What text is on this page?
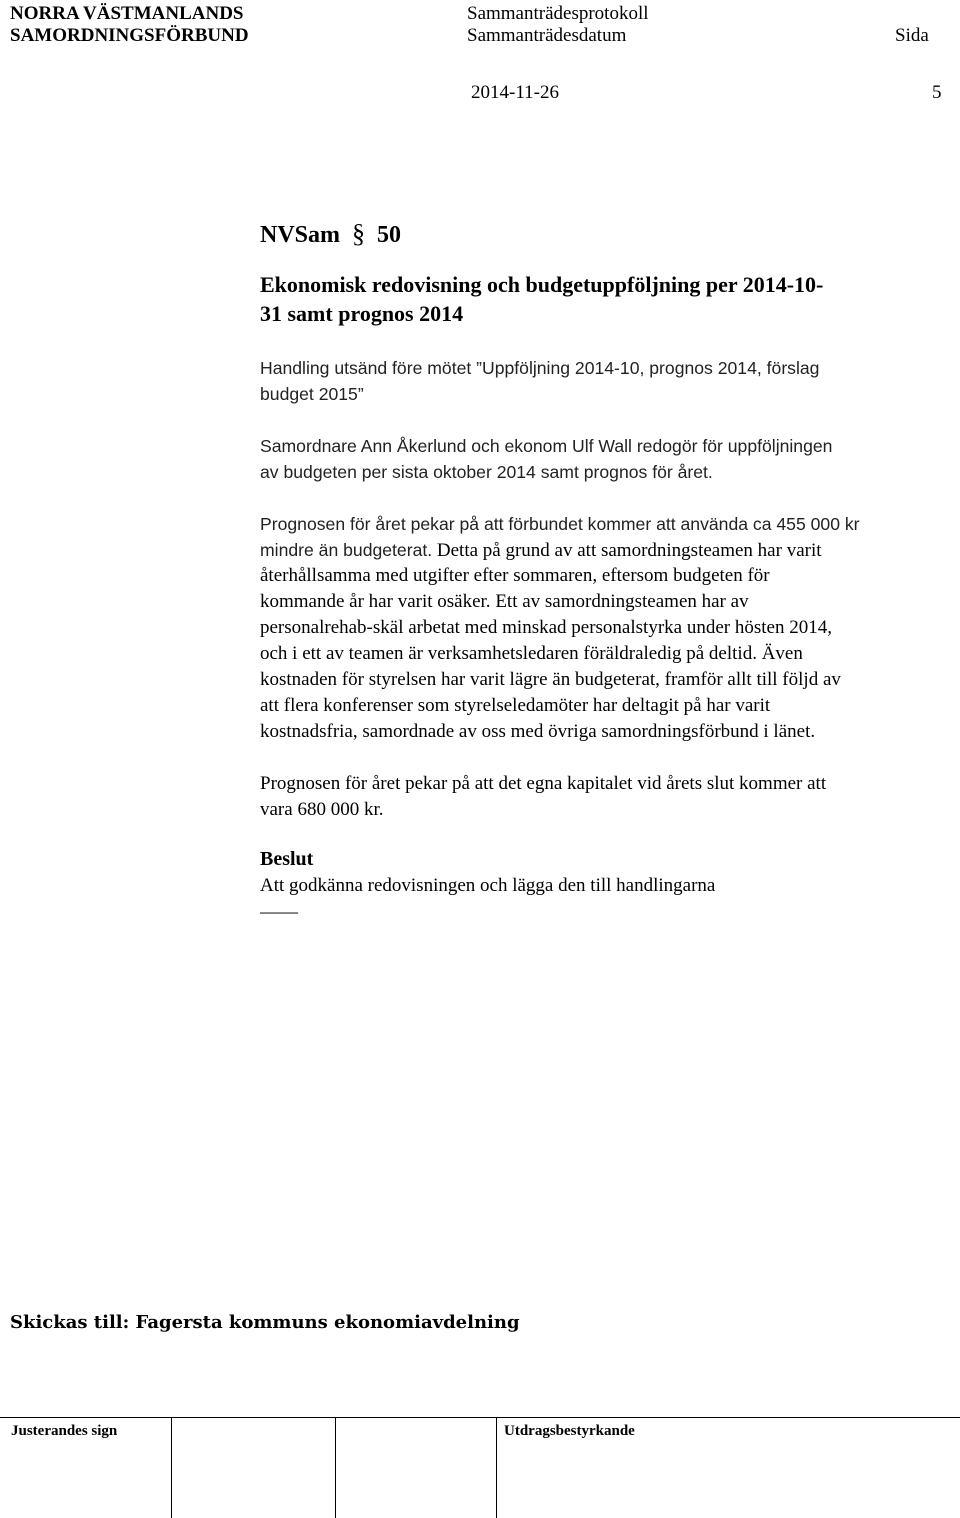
NORRA VÄSTMANLANDS
SAMORDNINGSFÖRBUND
Sammanträdesprotokoll
Sammanträdesdatum	Sida
2014-11-26	5
NVSam § 50
Ekonomisk redovisning och budgetuppföljning per 2014-10-
31 samt prognos 2014
Handling utsänd före mötet ”Uppföljning 2014-10, prognos 2014, förslag
budget 2015”
Samordnare Ann Åkerlund och ekonom Ulf Wall redogör för uppföljningen
av budgeten per sista oktober 2014 samt prognos för året.
Prognosen för året pekar på att förbundet kommer att använda ca 455 000 kr
mindre än budgeterat. Detta på grund av att samordningsteamen har varit
återhållsamma med utgifter efter sommaren, eftersom budgeten för
kommande år har varit osäker. Ett av samordningsteamen har av
personalrehab-skäl arbetat med minskad personalstyrka under hösten 2014,
och i ett av teamen är verksamhetsledaren föräldraledig på deltid. Även
kostnaden för styrelsen har varit lägre än budgeterat, framför allt till följd av
att flera konferenser som styrelseledamöter har deltagit på har varit
kostnadsfria, samordnade av oss med övriga samordningsförbund i länet.
Prognosen för året pekar på att det egna kapitalet vid årets slut kommer att
vara 680 000 kr.
Beslut
Att godkänna redovisningen och lägga den till handlingarna
____
Skickas till: Fagersta kommuns ekonomiavdelning
Justerandes sign	Utdragsbestyrkande
